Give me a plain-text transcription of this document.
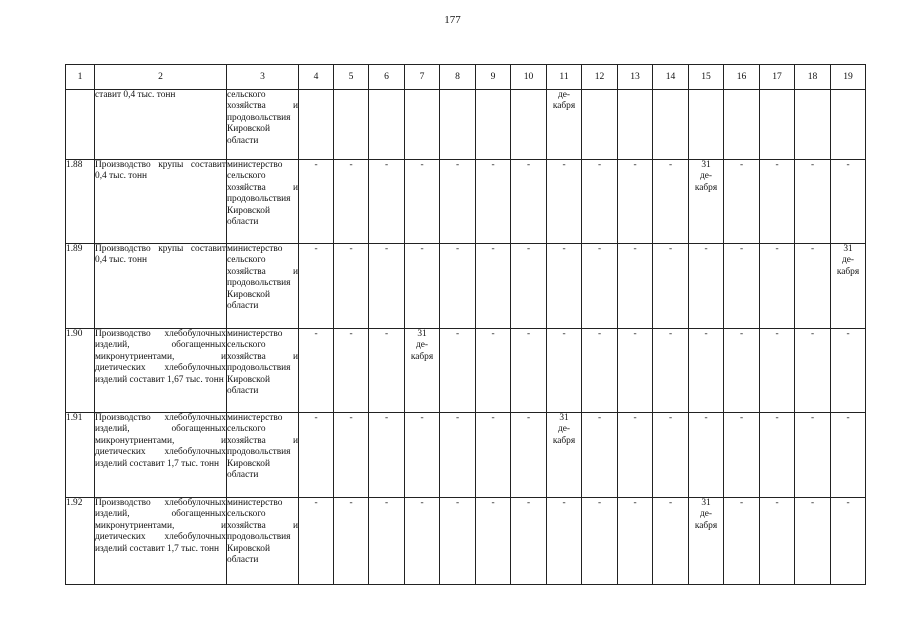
177
1	2	3	4	5	6	7	8	9	10	11	12	13	14	15	16	17	18	19
	ставит 0,4 тыс. тонн	сельского хозяйства и продовольствия Кировской области								де-
кабря								

1.88	Производство крупы составит 0,4 тыс. тонн	министерство сельского хозяйства и продовольствия Кировской области	-	-	-	-	-	-	-	-	-	-	-	31
де-
кабря	-	-	-	-
1.89	Производство крупы составит 0,4 тыс. тонн	министерство сельского хозяйства и продовольствия Кировской области	-	-	-	-	-	-	-	-	-	-	-	-	-	-	-	31
де-
кабря

1.90	Производство хлебобулочных изделий, обогащенных микронутриентами, и диетических хлебобулочных изделий составит 1,67 тыс. тонн	министерство сельского хозяйства и продовольствия Кировской области	-	-	-	31
де-
кабря	-	-	-	-	-	-	-	-	-	-	-	-
1.91	Производство хлебобулочных изделий, обогащенных микронутриентами, и диетических хлебобулочных изделий составит 1,7 тыс. тонн	министерство сельского хозяйства и продовольствия Кировской области	-	-	-	-	-	-	-	31
де-
кабря	-	-	-	-	-	-	-	-
1.92	Производство хлебобулочных изделий, обогащенных микронутриентами, и диетических хлебобулочных изделий составит 1,7 тыс. тонн	министерство сельского хозяйства и продовольствия Кировской области	-	-	-	-	-	-	-	-	-	-	-	31
де-
кабря	-	-	-	-
